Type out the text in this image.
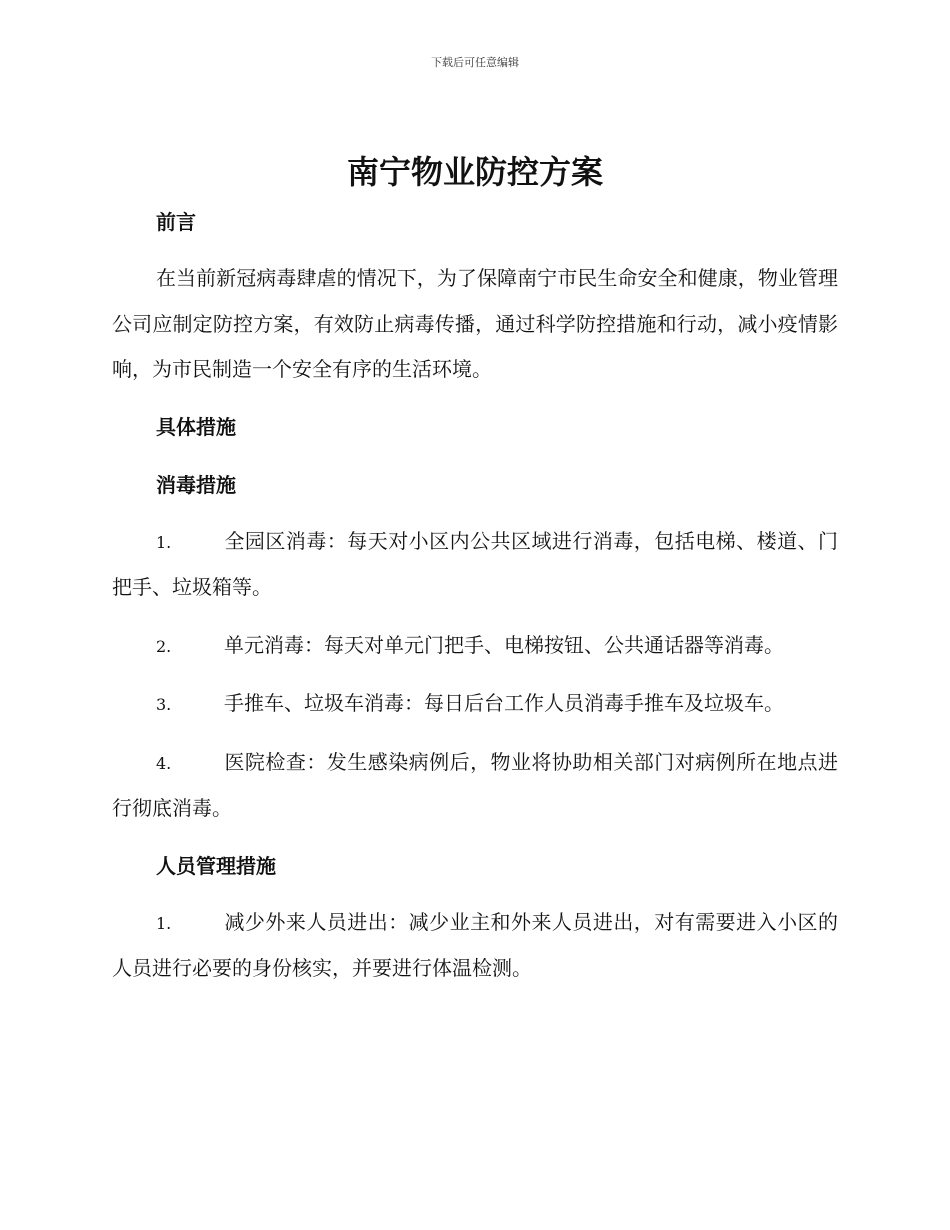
下载后可任意编辑
南宁物业防控方案

前言

在当前新冠病毒肆虐的情况下，为了保障南宁市民生命安全和健康，物业管理公司应制定防控方案，有效防止病毒传播，通过科学防控措施和行动，减小疫情影响，为市民制造一个安全有序的生活环境。

具体措施

消毒措施

1.	全园区消毒：每天对小区内公共区域进行消毒，包括电梯、楼道、门把手、垃圾箱等。

2.	单元消毒：每天对单元门把手、电梯按钮、公共通话器等消毒。

3.	手推车、垃圾车消毒：每日后台工作人员消毒手推车及垃圾车。

4.	医院检查：发生感染病例后，物业将协助相关部门对病例所在地点进行彻底消毒。

人员管理措施

1.	减少外来人员进出：减少业主和外来人员进出，对有需要进入小区的人员进行必要的身份核实，并要进行体温检测。
